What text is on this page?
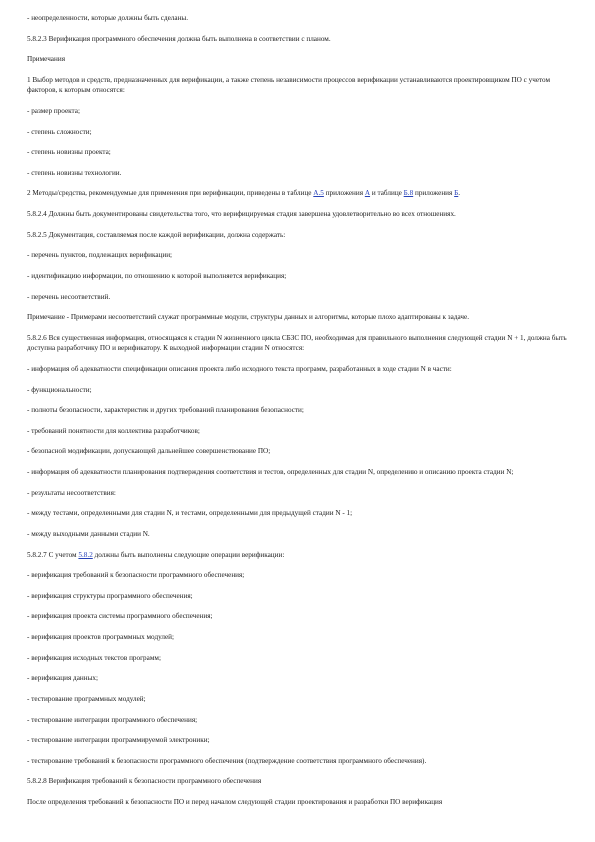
- неопределенности, которые должны быть сделаны.

5.8.2.3 Верификация программного обеспечения должна быть выполнена в соответствии с планом.

Примечания

1 Выбор методов и средств, предназначенных для верификации, а также степень независимости процессов верификации устанавливаются проектировщиком ПО с учетом факторов, к которым относятся:

- размер проекта;

- степень сложности;

- степень новизны проекта;

- степень новизны технологии.

2 Методы/средства, рекомендуемые для применения при верификации, приведены в таблице А.5 приложения А и таблице Б.8 приложения Б.

5.8.2.4 Должны быть документированы свидетельства того, что верифицируемая стадия завершена удовлетворительно во всех отношениях.

5.8.2.5 Документация, составляемая после каждой верификации, должна содержать:

- перечень пунктов, подлежащих верификации;

- идентификацию информации, по отношению к которой выполняется верификация;

- перечень несоответствий.

Примечание - Примерами несоответствий служат программные модули, структуры данных и алгоритмы, которые плохо адаптированы к задаче.

5.8.2.6 Вся существенная информация, относящаяся к стадии N жизненного цикла СБЗС ПО, необходимая для правильного выполнения следующей стадии N + 1, должна быть доступна разработчику ПО и верификатору. К выходной информации стадии N относятся:

- информация об адекватности спецификации описания проекта либо исходного текста программ, разработанных в ходе стадии N в части:

- функциональности;

- полноты безопасности, характеристик и других требований планирования безопасности;

- требований понятности для коллектива разработчиков;

- безопасной модификации, допускающей дальнейшее совершенствование ПО;

- информация об адекватности планирования подтверждения соответствия и тестов, определенных для стадии N, определению и описанию проекта стадии N;

- результаты несоответствия:

- между тестами, определенными для стадии N, и тестами, определенными для предыдущей стадии N - 1;

- между выходными данными стадии N.

5.8.2.7 С учетом 5.8.2 должны быть выполнены следующие операции верификации:

- верификация требований к безопасности программного обеспечения;

- верификация структуры программного обеспечения;

- верификация проекта системы программного обеспечения;

- верификация проектов программных модулей;

- верификация исходных текстов программ;

- верификация данных;

- тестирование программных модулей;

- тестирование интеграции программного обеспечения;

- тестирование интеграции программируемой электроники;

- тестирование требований к безопасности программного обеспечения (подтверждение соответствия программного обеспечения).

5.8.2.8 Верификация требований к безопасности программного обеспечения

После определения требований к безопасности ПО и перед началом следующей стадии проектирования и разработки ПО верификация
